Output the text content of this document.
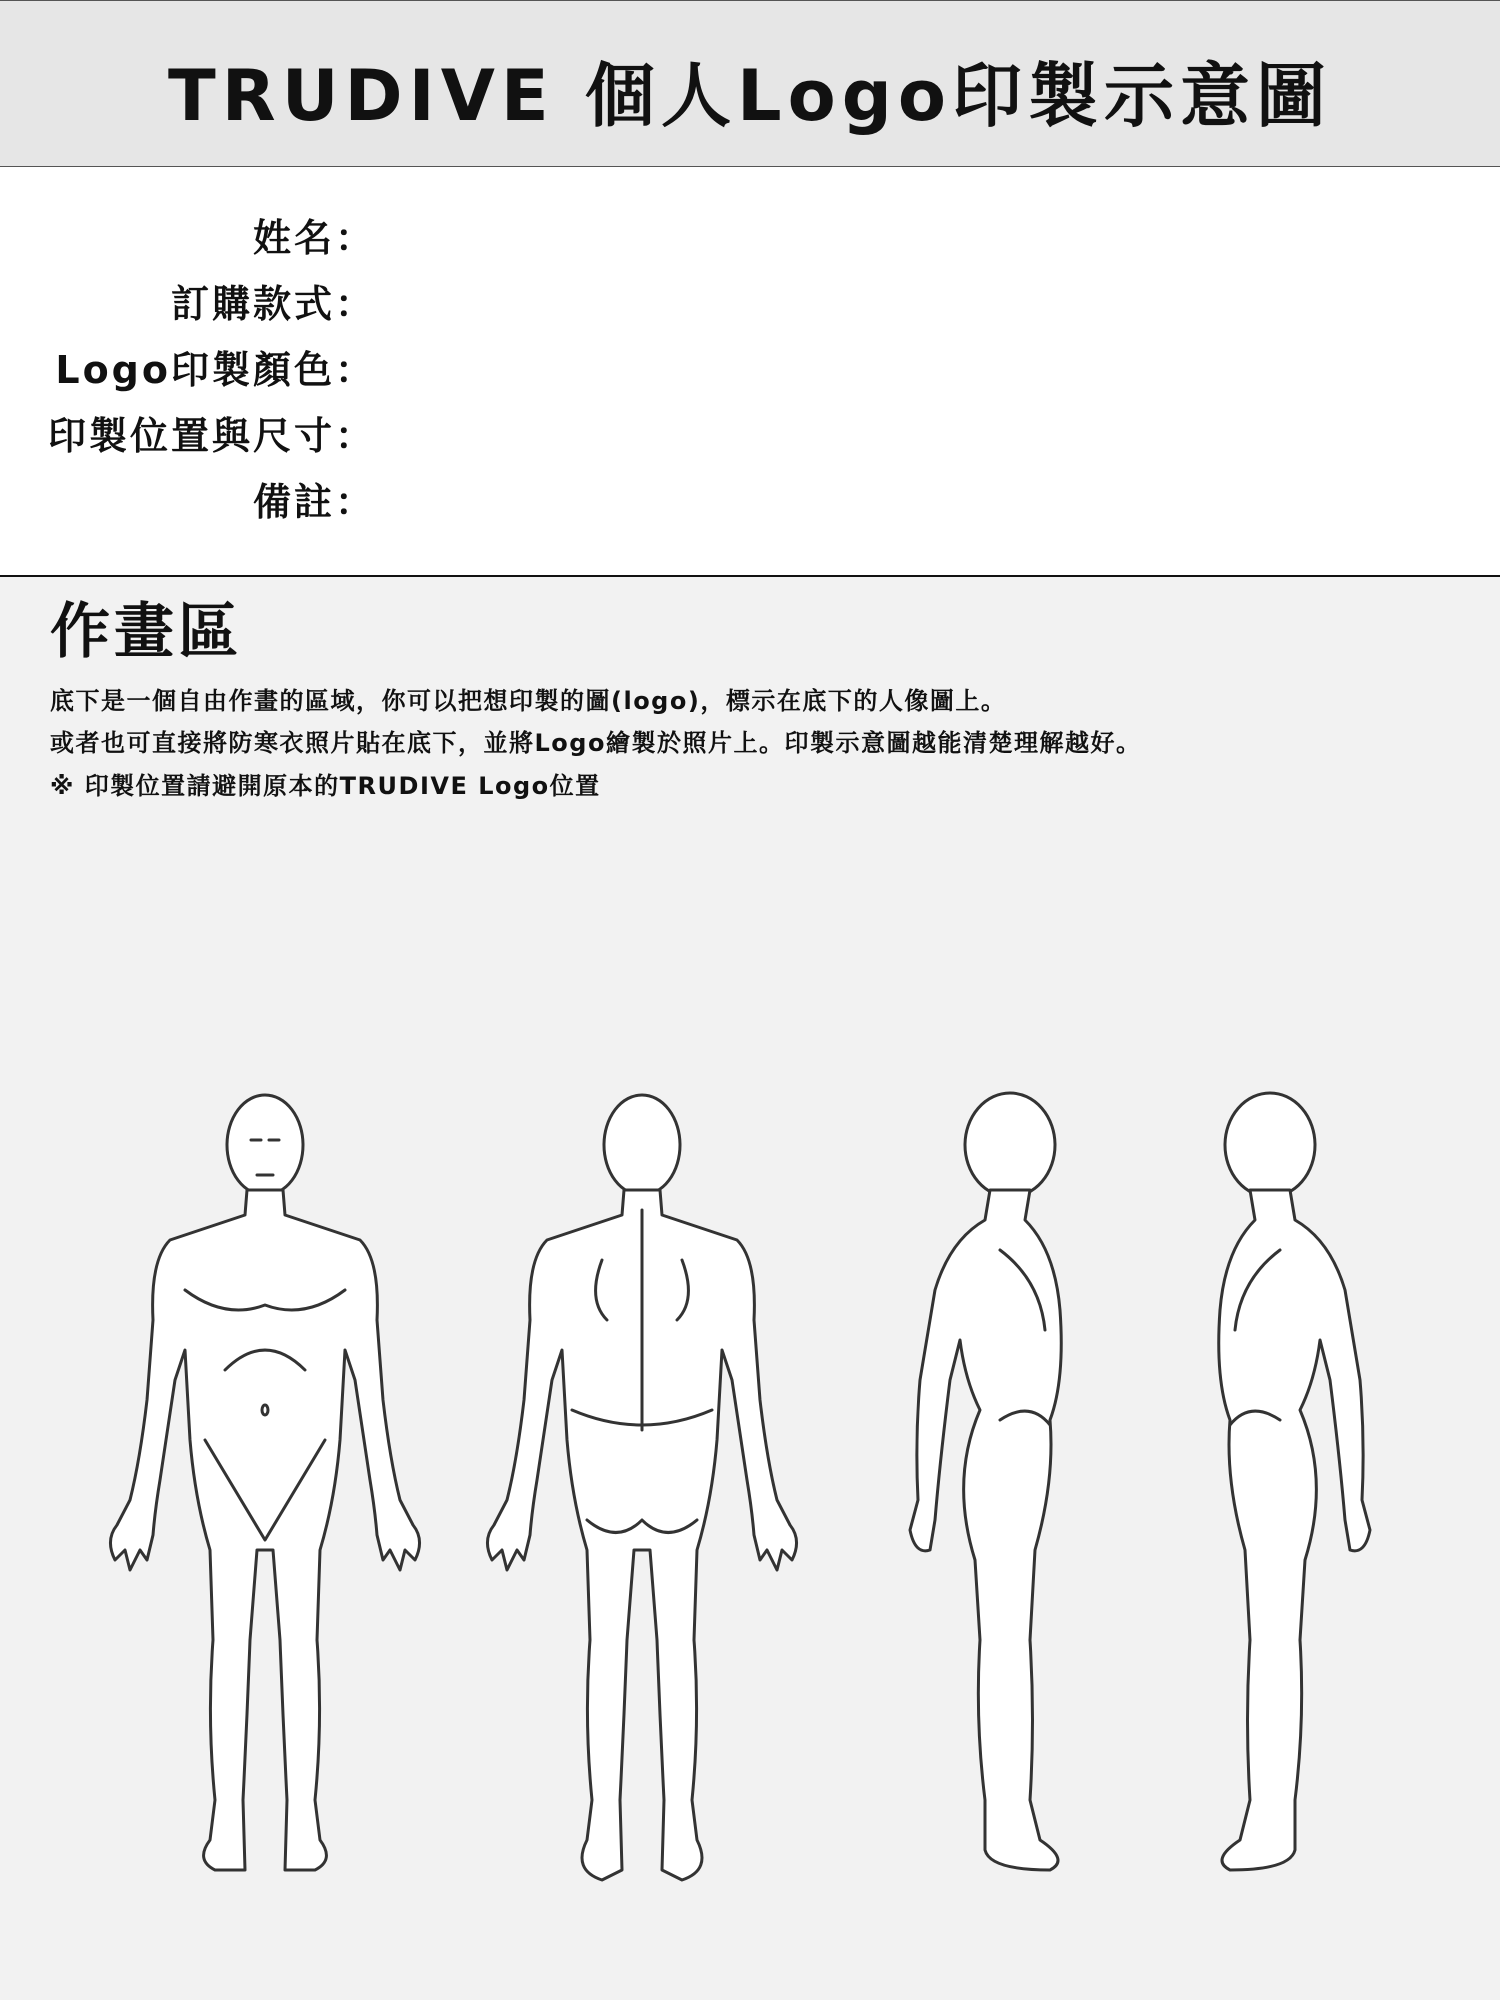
TRUDIVE 個人Logo印製示意圖
姓名：
訂購款式：
Logo印製顏色：
印製位置與尺寸：
備註：
作畫區
底下是一個自由作畫的區域，你可以把想印製的圖(logo)，標示在底下的人像圖上。
或者也可直接將防寒衣照片貼在底下，並將Logo繪製於照片上。印製示意圖越能清楚理解越好。
※ 印製位置請避開原本的TRUDIVE Logo位置
